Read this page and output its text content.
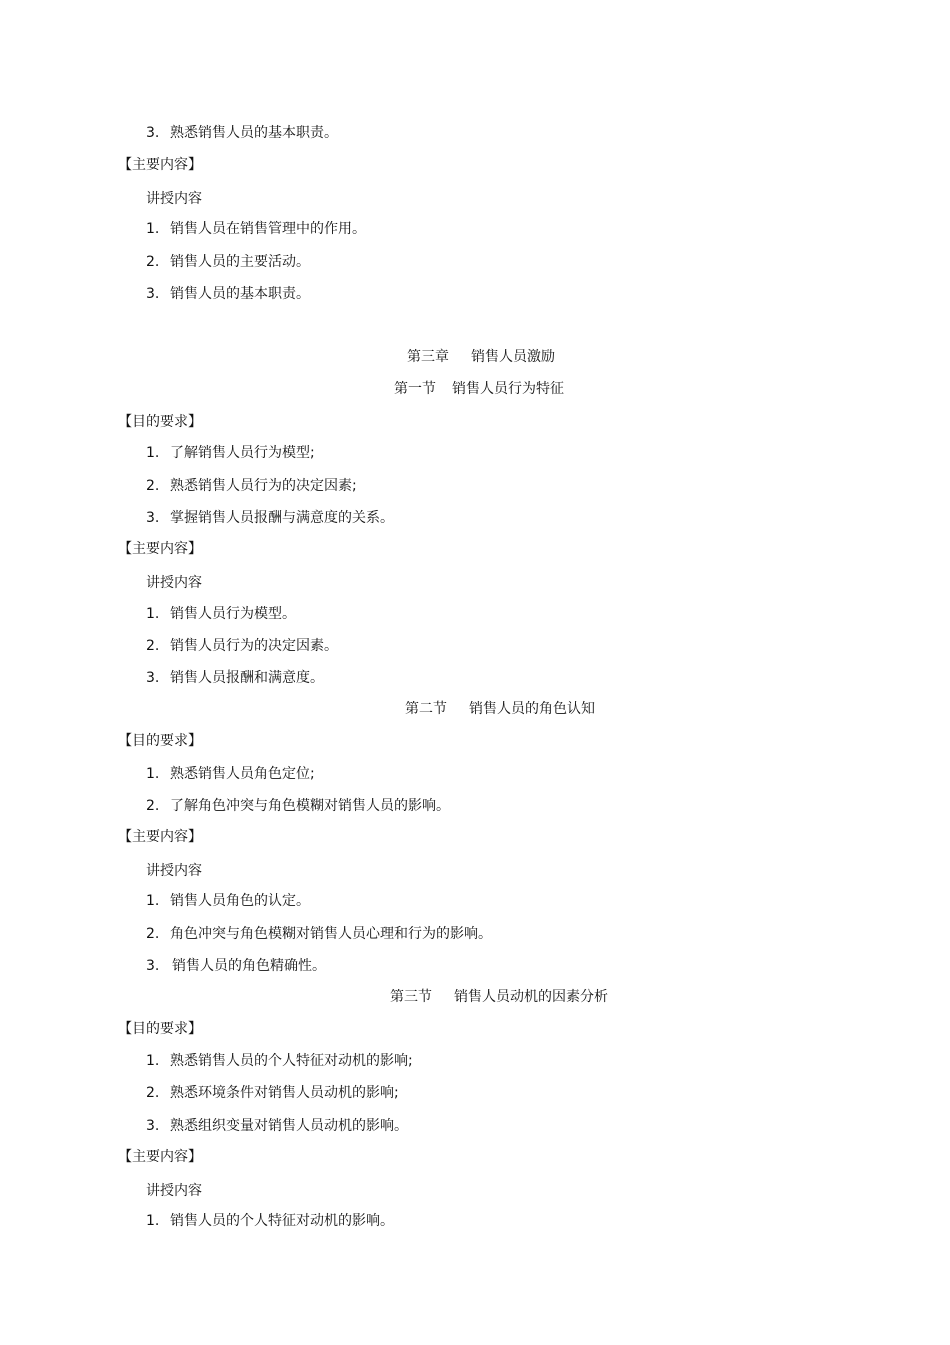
3. 熟悉销售人员的基本职责。
【主要内容】
讲授内容
1. 销售人员在销售管理中的作用。
2. 销售人员的主要活动。
3. 销售人员的基本职责。
第三章 销售人员激励
第一节 销售人员行为特征
【目的要求】
1. 了解销售人员行为模型;
2. 熟悉销售人员行为的决定因素;
3. 掌握销售人员报酬与满意度的关系。
【主要内容】
讲授内容
1. 销售人员行为模型。
2. 销售人员行为的决定因素。
3. 销售人员报酬和满意度。
第二节 销售人员的角色认知
【目的要求】
1. 熟悉销售人员角色定位;
2. 了解角色冲突与角色模糊对销售人员的影响。
【主要内容】
讲授内容
1. 销售人员角色的认定。
2. 角色冲突与角色模糊对销售人员心理和行为的影响。
3. 销售人员的角色精确性。
第三节 销售人员动机的因素分析
【目的要求】
1. 熟悉销售人员的个人特征对动机的影响;
2. 熟悉环境条件对销售人员动机的影响;
3. 熟悉组织变量对销售人员动机的影响。
【主要内容】
讲授内容
1. 销售人员的个人特征对动机的影响。
